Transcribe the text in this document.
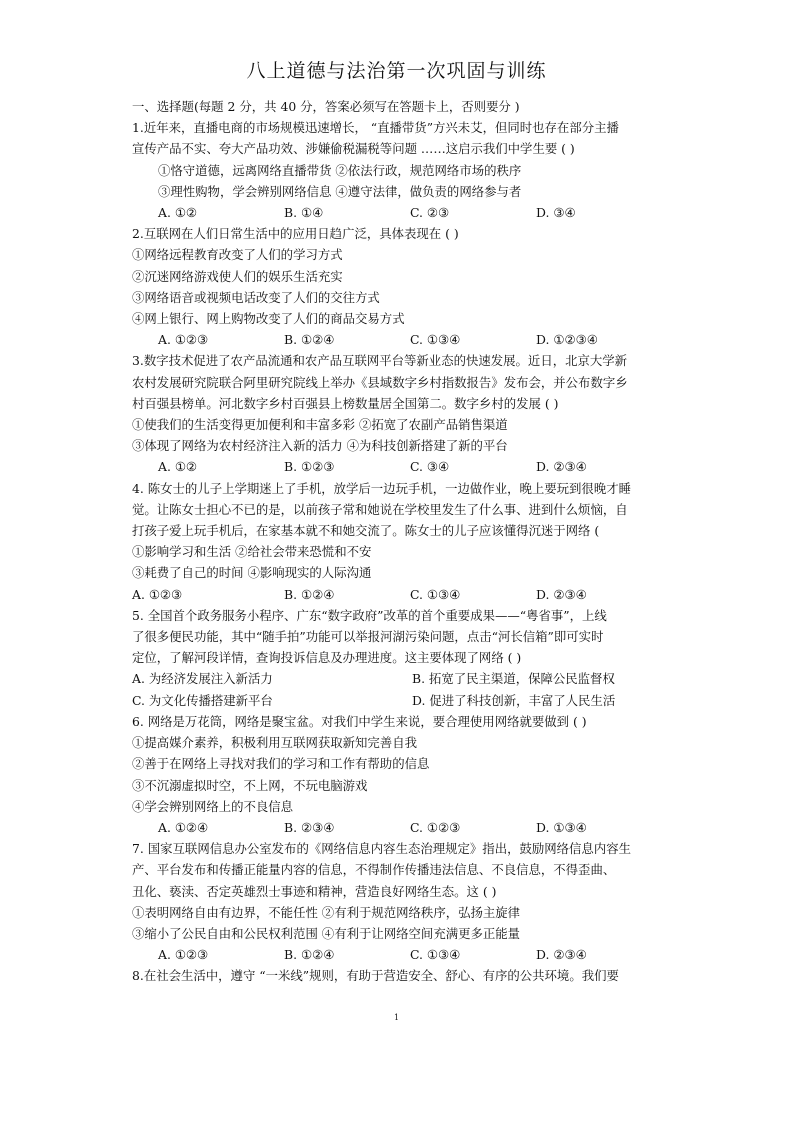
八上道德与法治第一次巩固与训练
一、选择题(每题 2 分，共 40 分，答案必须写在答题卡上，否则要分 )
1.近年来，直播电商的市场规模迅速增长， “直播带货”方兴未艾，但同时也存在部分主播
宣传产品不实、夸大产品功效、涉嫌偷税漏税等问题 ……这启示我们中学生要 ( )
①恪守道德，远离网络直播带货 ②依法行政，规范网络市场的秩序
③理性购物，学会辨别网络信息 ④遵守法律，做负责的网络参与者
A. ①②	B. ①④	C. ②③	D. ③④
2.互联网在人们日常生活中的应用日趋广泛，具体表现在 ( )
①网络远程教育改变了人们的学习方式
②沉迷网络游戏使人们的娱乐生活充实
③网络语音或视频电话改变了人们的交往方式
④网上银行、网上购物改变了人们的商品交易方式
A. ①②③	B. ①②④	C. ①③④	D. ①②③④
3.数字技术促进了农产品流通和农产品互联网平台等新业态的快速发展。近日，北京大学新
农村发展研究院联合阿里研究院线上举办《县域数字乡村指数报告》发布会，并公布数字乡
村百强县榜单。河北数字乡村百强县上榜数量居全国第二。数字乡村的发展 ( )
①使我们的生活变得更加便利和丰富多彩 ②拓宽了农副产品销售渠道
③体现了网络为农村经济注入新的活力 ④为科技创新搭建了新的平台
A. ①②	B. ①②③	C. ③④	D. ②③④
4. 陈女士的儿子上学期迷上了手机，放学后一边玩手机，一边做作业，晚上要玩到很晚才睡
觉。让陈女士担心不已的是，以前孩子常和她说在学校里发生了什么事、进到什么烦恼，自
打孩子爱上玩手机后，在家基本就不和她交流了。陈女士的儿子应该懂得沉迷于网络 (
①影响学习和生活 ②给社会带来恐慌和不安
③耗费了自己的时间 ④影响现实的人际沟通
A. ①②③	B. ①②④	C. ①③④	D. ②③④
5. 全国首个政务服务小程序、广东“数字政府”改革的首个重要成果——“粤省事”，上线
了很多便民功能，其中“随手拍”功能可以举报河湖污染问题，点击“河长信箱”即可实时
定位，了解河段详情，查询投诉信息及办理进度。这主要体现了网络 ( )
A. 为经济发展注入新活力	B. 拓宽了民主渠道，保障公民监督权
C. 为文化传播搭建新平台	D. 促进了科技创新，丰富了人民生活
6. 网络是万花筒，网络是聚宝盆。对我们中学生来说，要合理使用网络就要做到 ( )
①提高媒介素养，积极利用互联网获取新知完善自我
②善于在网络上寻找对我们的学习和工作有帮助的信息
③不沉溺虚拟时空，不上网，不玩电脑游戏
④学会辨别网络上的不良信息
A. ①②④	B. ②③④	C. ①②③	D. ①③④
7. 国家互联网信息办公室发布的《网络信息内容生态治理规定》指出，鼓励网络信息内容生
产、平台发布和传播正能量内容的信息，不得制作传播违法信息、不良信息，不得歪曲、
丑化、亵渎、否定英雄烈士事迹和精神，营造良好网络生态。这 ( )
①表明网络自由有边界，不能任性 ②有利于规范网络秩序，弘扬主旋律
③缩小了公民自由和公民权利范围 ④有利于让网络空间充满更多正能量
A. ①②③	B. ①②④	C. ①③④	D. ②③④
8.在社会生活中，遵守 “一米线”规则，有助于营造安全、舒心、有序的公共环境。我们要
1
